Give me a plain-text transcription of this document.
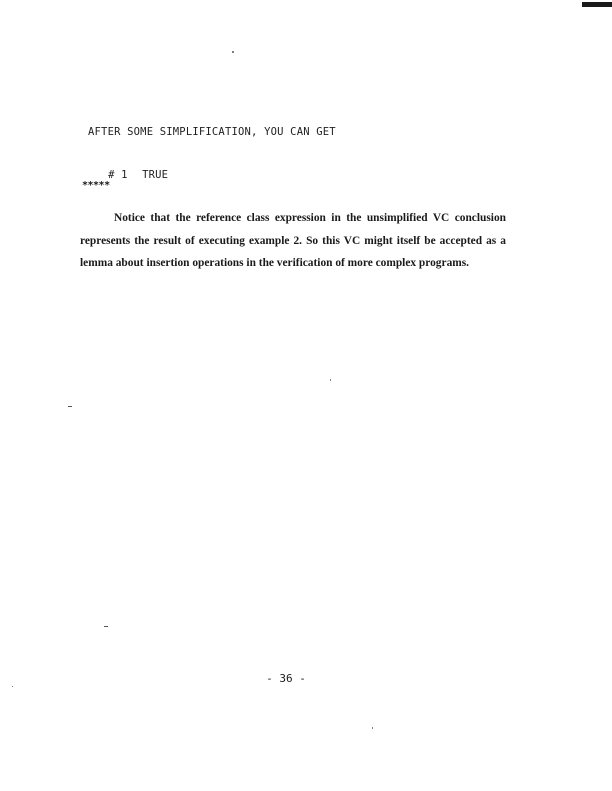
AFTER SOME SIMPLIFICATION, YOU CAN GET

# 1 TRUE

*****
Notice that the reference class expression in the unsimplified VC conclusion represents the result of executing example 2. So this VC might itself be accepted as a lemma about insertion operations in the verification of more complex programs.
- 36 -
